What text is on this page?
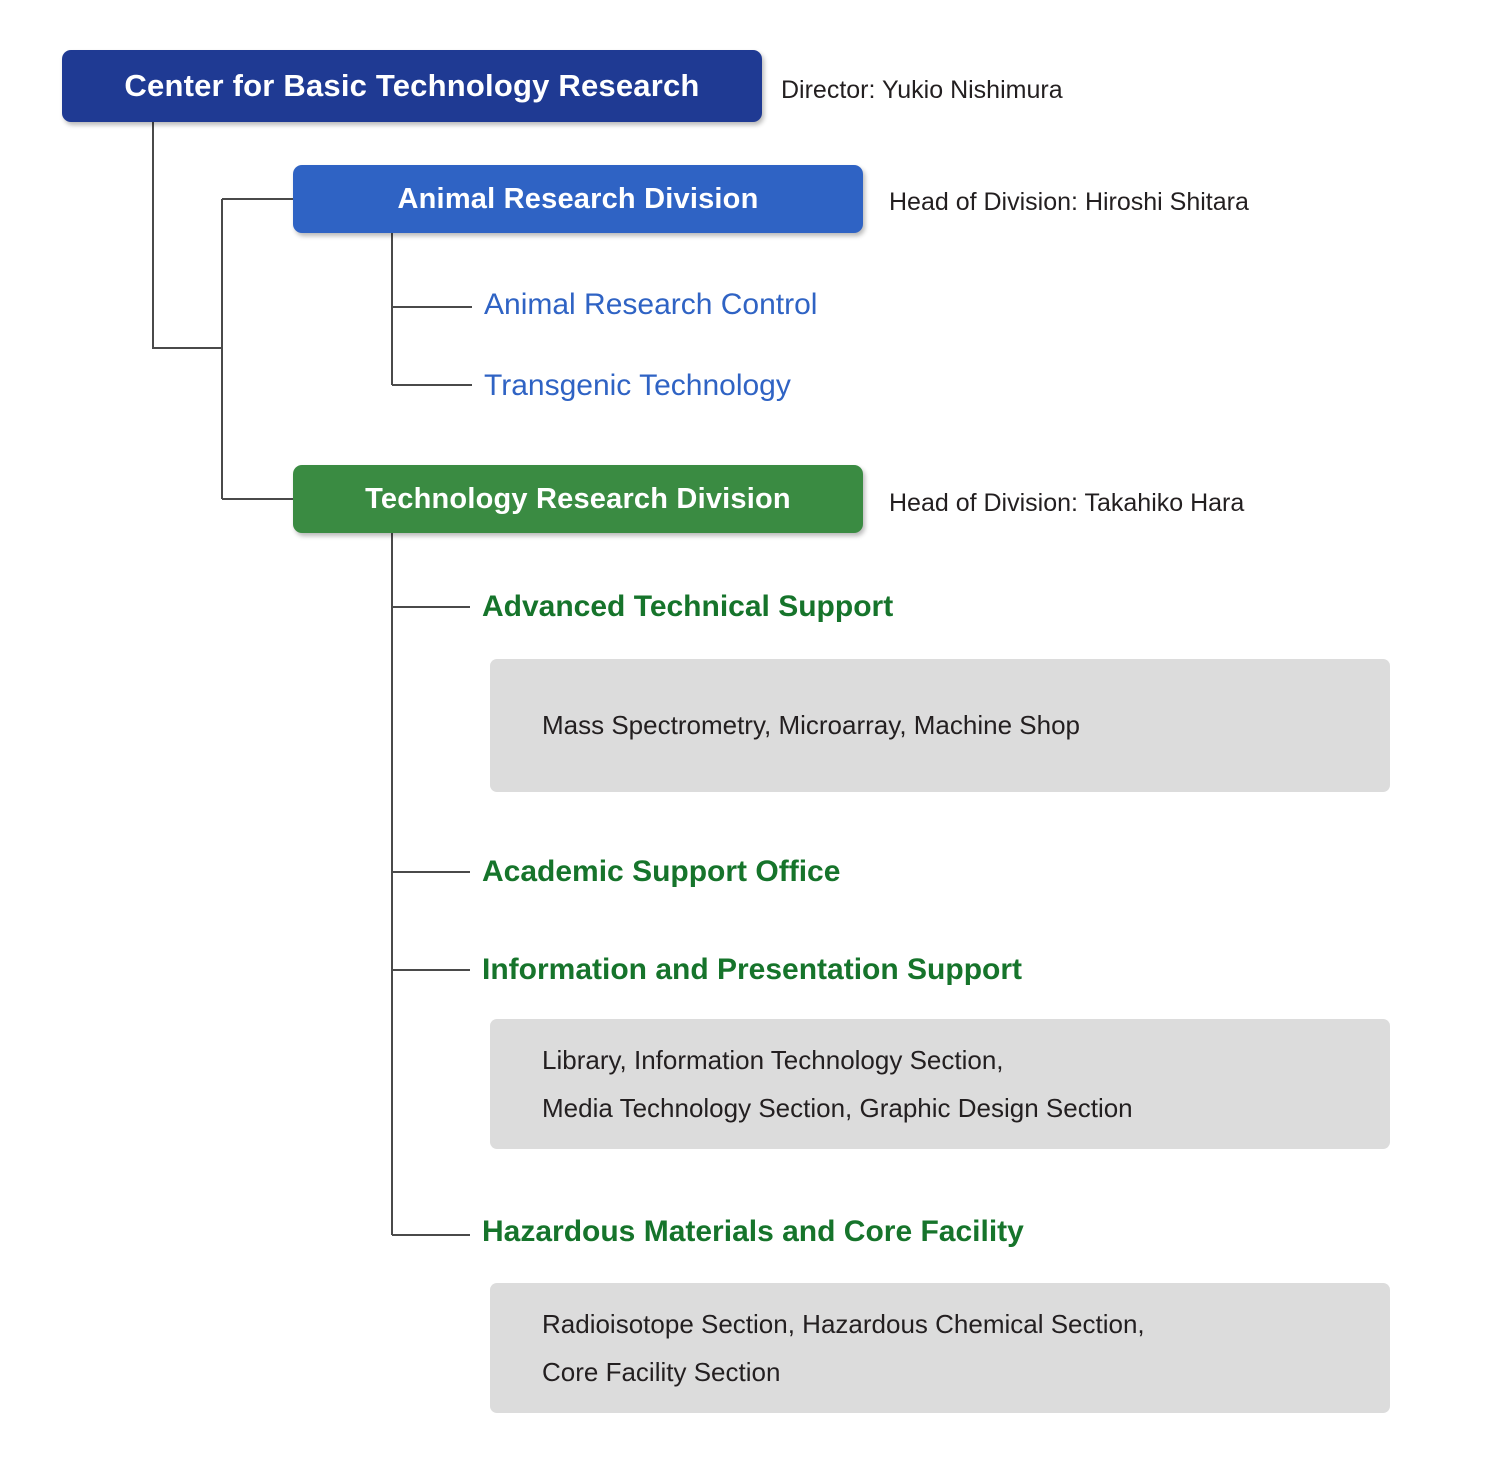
Center for Basic Technology Research	Director: Yukio Nishimura
Animal Research Division	Head of Division: Hiroshi Shitara
Animal Research Control
Transgenic Technology
Technology Research Division	Head of Division: Takahiko Hara
Advanced Technical Support
Mass Spectrometry, Microarray, Machine Shop
Academic Support Office
Information and Presentation Support
Library, Information Technology Section,
Media Technology Section, Graphic Design Section
Hazardous Materials and Core Facility
Radioisotope Section, Hazardous Chemical Section,
Core Facility Section
